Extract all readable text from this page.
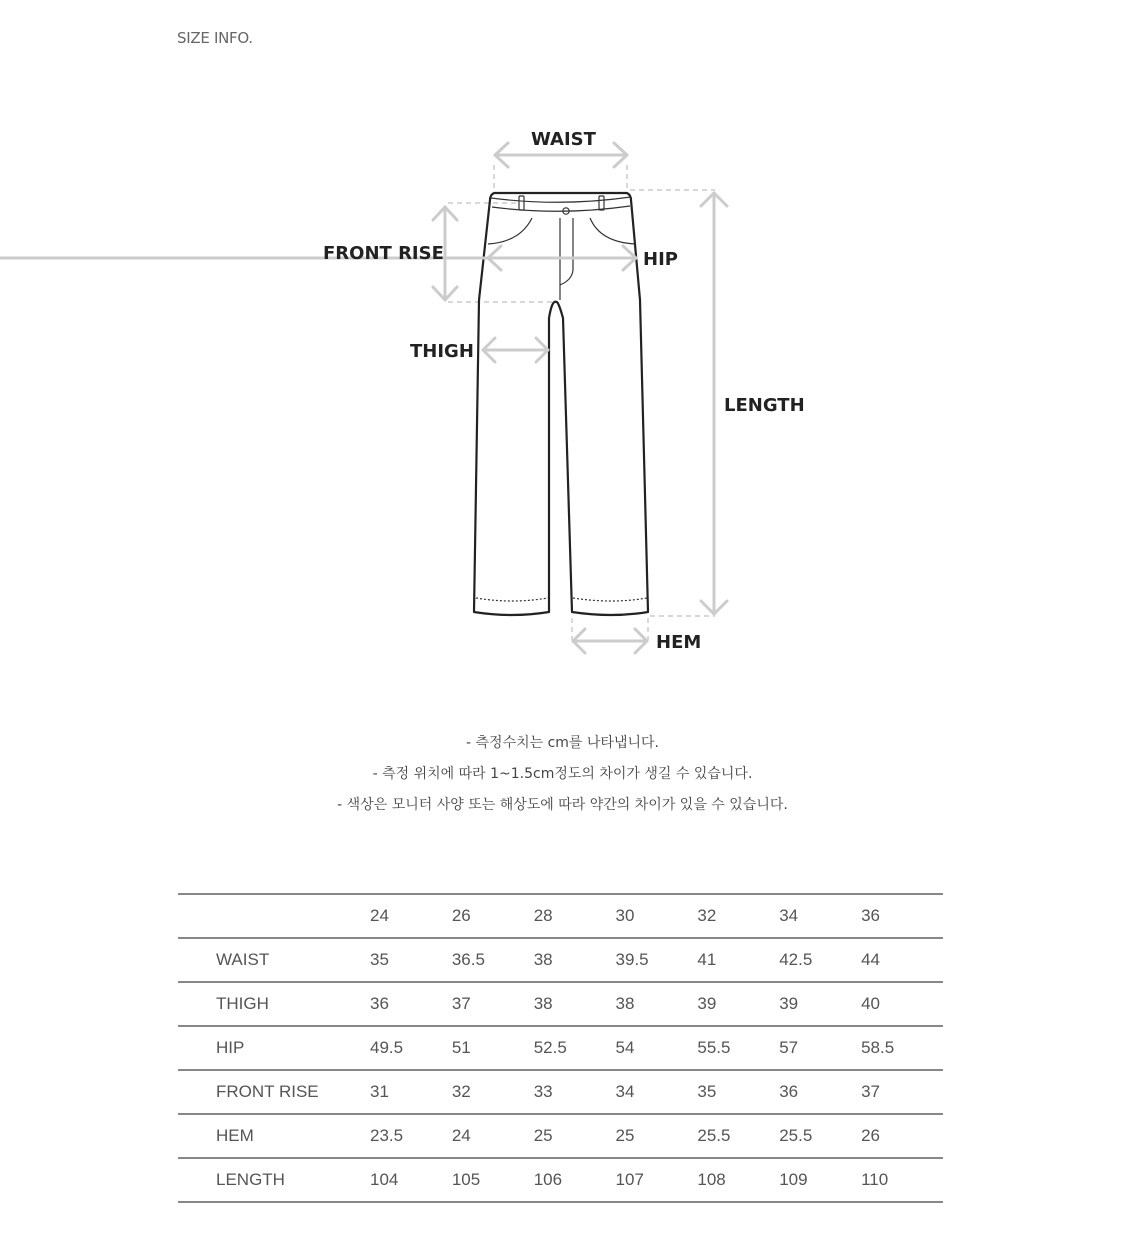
SIZE INFO.
WAIST
FRONT RISE	HIP
THIGH
LENGTH
HEM
- 측정수치는 cm를 나타냅니다.
- 측정 위치에 따라 1~1.5cm정도의 차이가 생길 수 있습니다.
- 색상은 모니터 사양 또는 해상도에 따라 약간의 차이가 있을 수 있습니다.
	24	26	28	30	32	34	36
WAIST	35	36.5	38	39.5	41	42.5	44
THIGH	36	37	38	38	39	39	40
HIP	49.5	51	52.5	54	55.5	57	58.5
FRONT RISE	31	32	33	34	35	36	37
HEM	23.5	24	25	25	25.5	25.5	26
LENGTH	104	105	106	107	108	109	110
